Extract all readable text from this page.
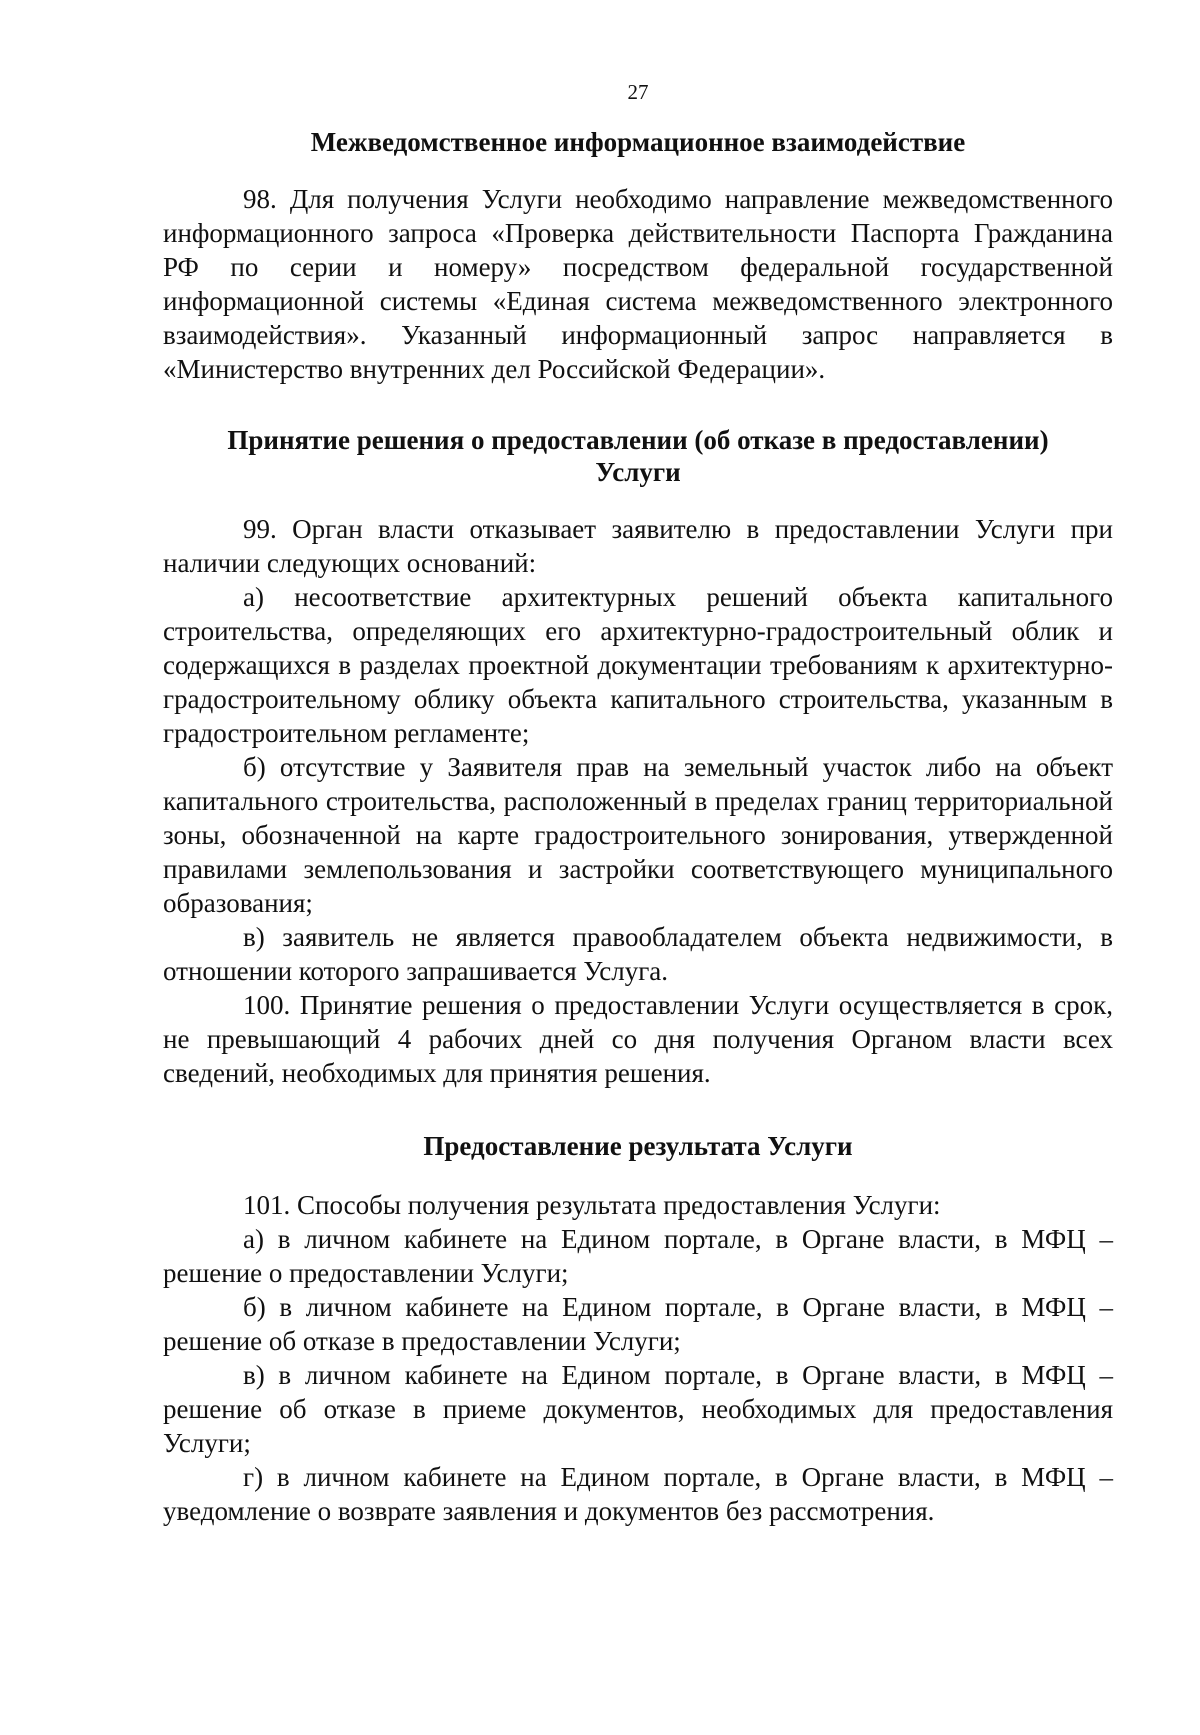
27
Межведомственное информационное взаимодействие

98. Для получения Услуги необходимо направление межведомственного информационного запроса «Проверка действительности Паспорта Гражданина РФ по серии и номеру» посредством федеральной государственной информационной системы «Единая система межведомственного электронного взаимодействия». Указанный информационный запрос направляется в «Министерство внутренних дел Российской Федерации».

Принятие решения о предоставлении (об отказе в предоставлении)
Услуги

99. Орган власти отказывает заявителю в предоставлении Услуги при наличии следующих оснований:

а) несоответствие архитектурных решений объекта капитального строительства, определяющих его архитектурно-градостроительный облик и содержащихся в разделах проектной документации требованиям к архитектурно-градостроительному облику объекта капитального строительства, указанным в градостроительном регламенте;

б) отсутствие у Заявителя прав на земельный участок либо на объект капитального строительства, расположенный в пределах границ территориальной зоны, обозначенной на карте градостроительного зонирования, утвержденной правилами землепользования и застройки соответствующего муниципального образования;

в) заявитель не является правообладателем объекта недвижимости, в отношении которого запрашивается Услуга.

100. Принятие решения о предоставлении Услуги осуществляется в срок, не превышающий 4 рабочих дней со дня получения Органом власти всех сведений, необходимых для принятия решения.

Предоставление результата Услуги

101. Способы получения результата предоставления Услуги:

а) в личном кабинете на Едином портале, в Органе власти, в МФЦ – решение о предоставлении Услуги;

б) в личном кабинете на Едином портале, в Органе власти, в МФЦ – решение об отказе в предоставлении Услуги;

в) в личном кабинете на Едином портале, в Органе власти, в МФЦ – решение об отказе в приеме документов, необходимых для предоставления Услуги;

г) в личном кабинете на Едином портале, в Органе власти, в МФЦ – уведомление о возврате заявления и документов без рассмотрения.
